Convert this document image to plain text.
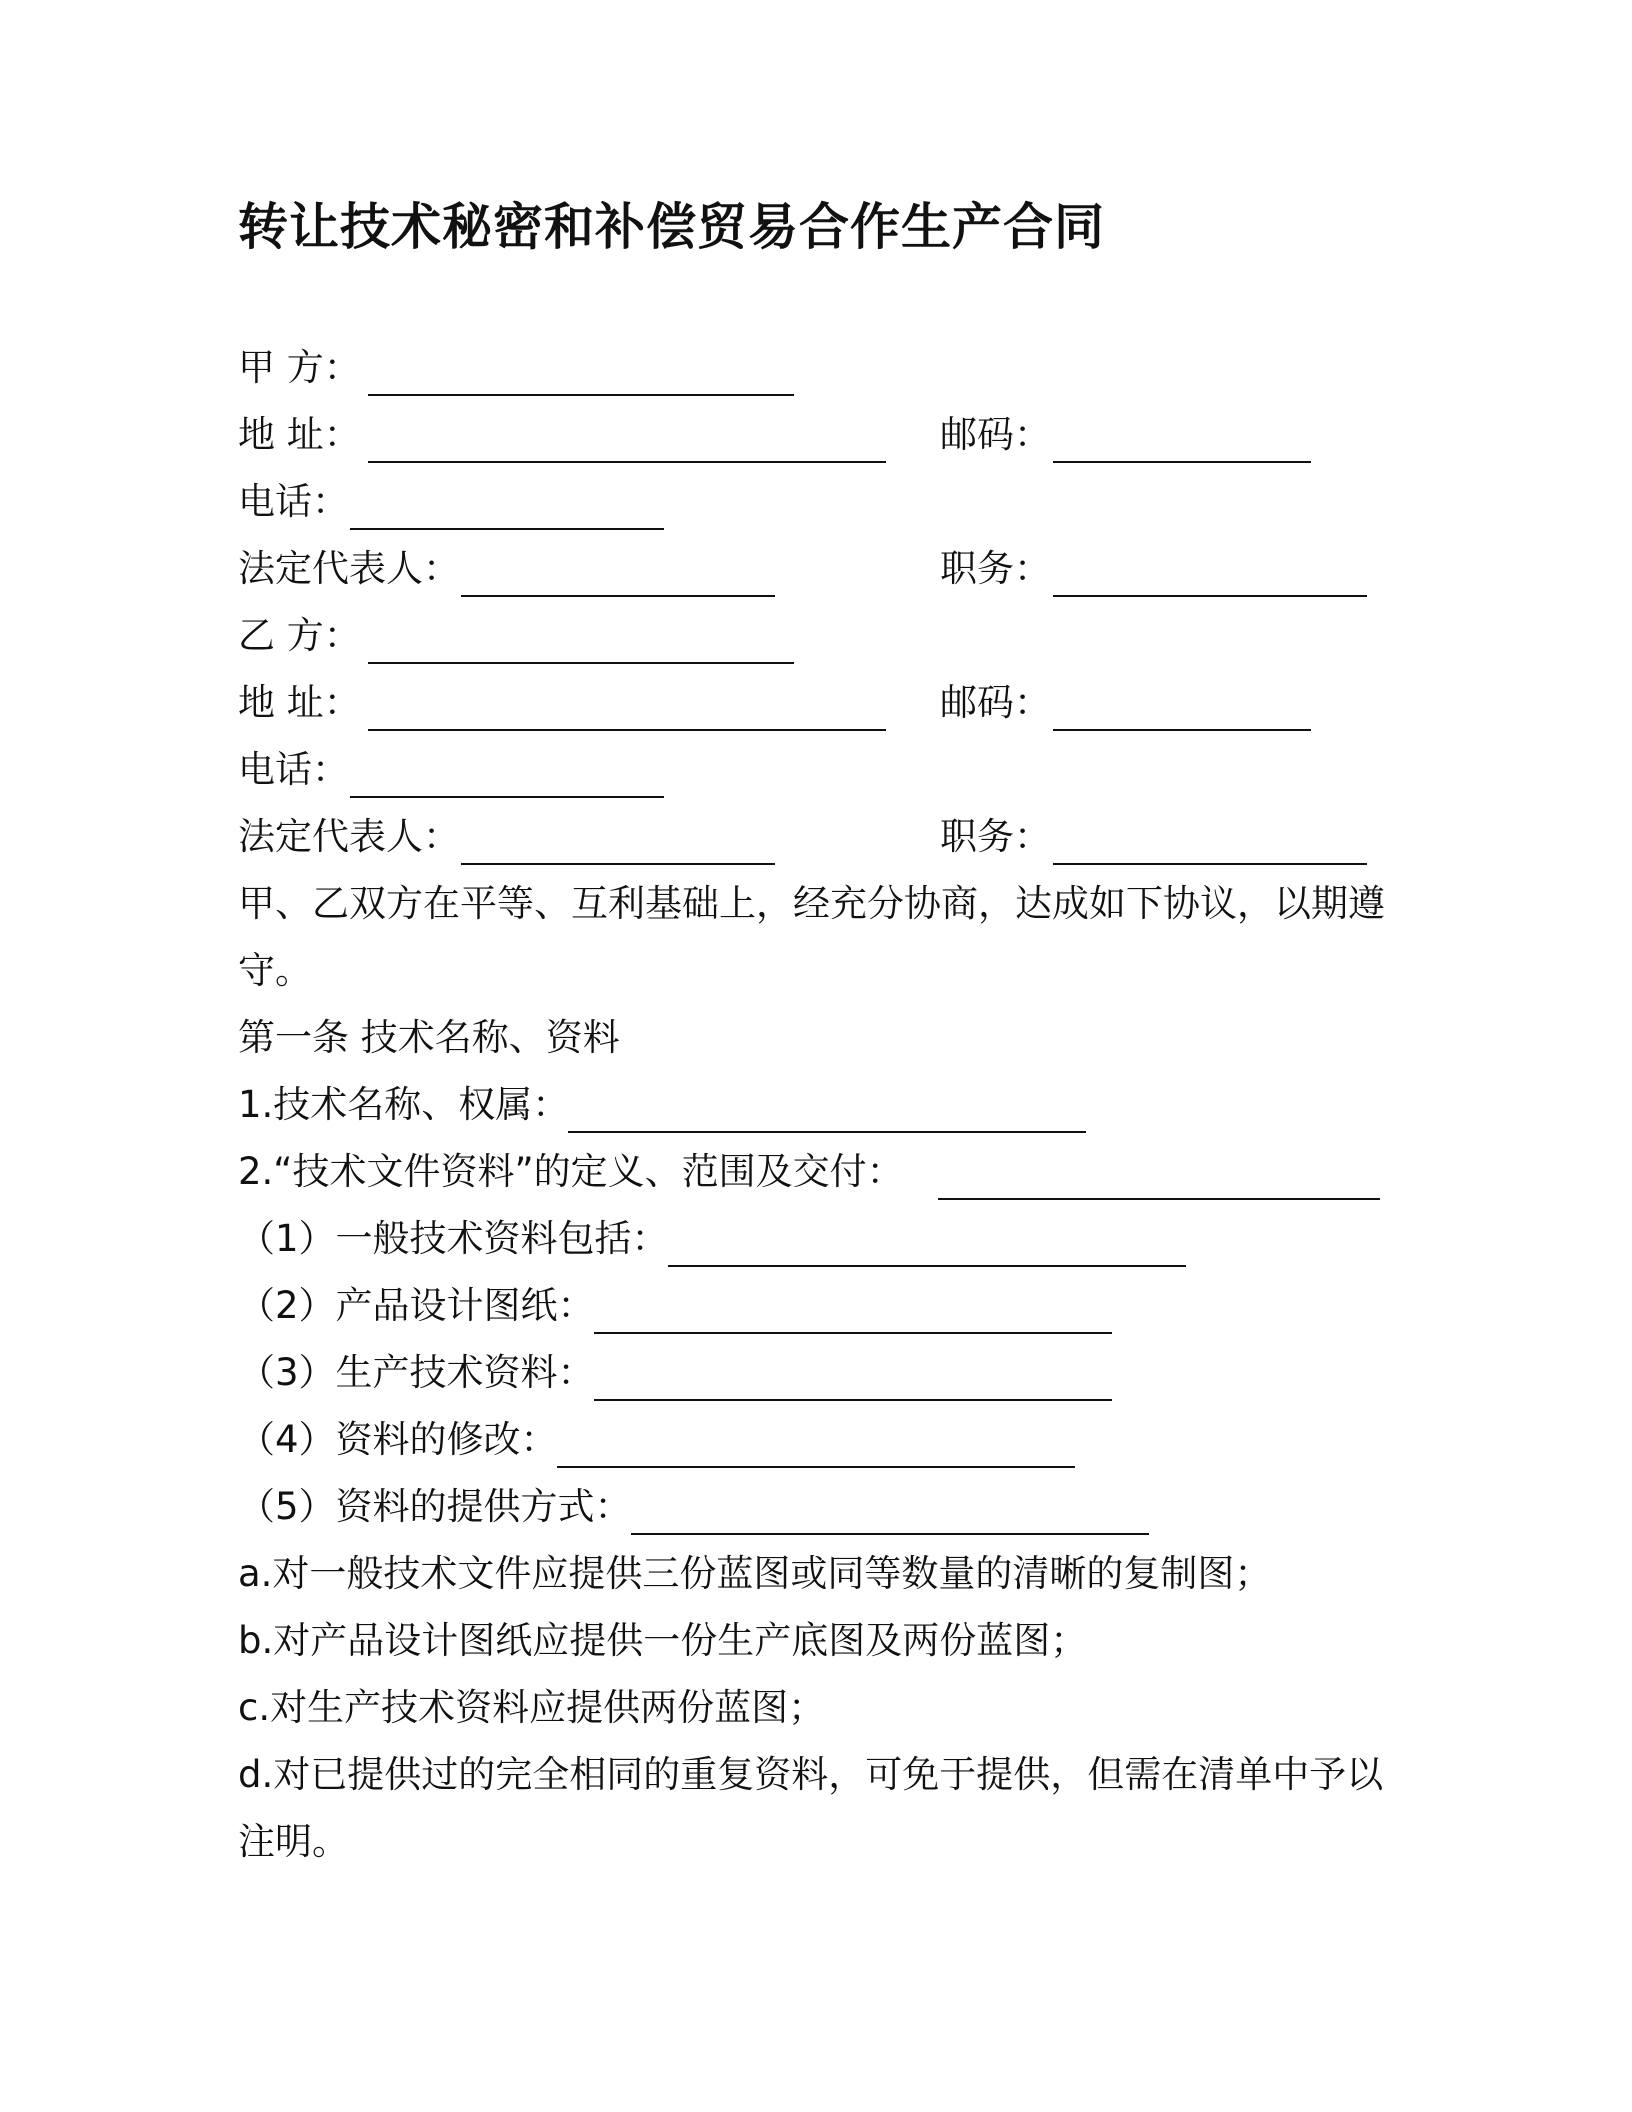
转让技术秘密和补偿贸易合作生产合同
甲 方：
地 址：	邮码：
电话：
法定代表人：	职务：
乙 方：
地 址：	邮码：
电话：
法定代表人：	职务：
甲、乙双方在平等、互利基础上，经充分协商，达成如下协议，以期遵
守。
第一条 技术名称、资料
1.技术名称、权属：
2.“技术文件资料”的定义、范围及交付：
（1）一般技术资料包括：
（2）产品设计图纸：
（3）生产技术资料：
（4）资料的修改：
（5）资料的提供方式：
a.对一般技术文件应提供三份蓝图或同等数量的清晰的复制图；
b.对产品设计图纸应提供一份生产底图及两份蓝图；
c.对生产技术资料应提供两份蓝图；
d.对已提供过的完全相同的重复资料，可免于提供，但需在清单中予以
注明。
